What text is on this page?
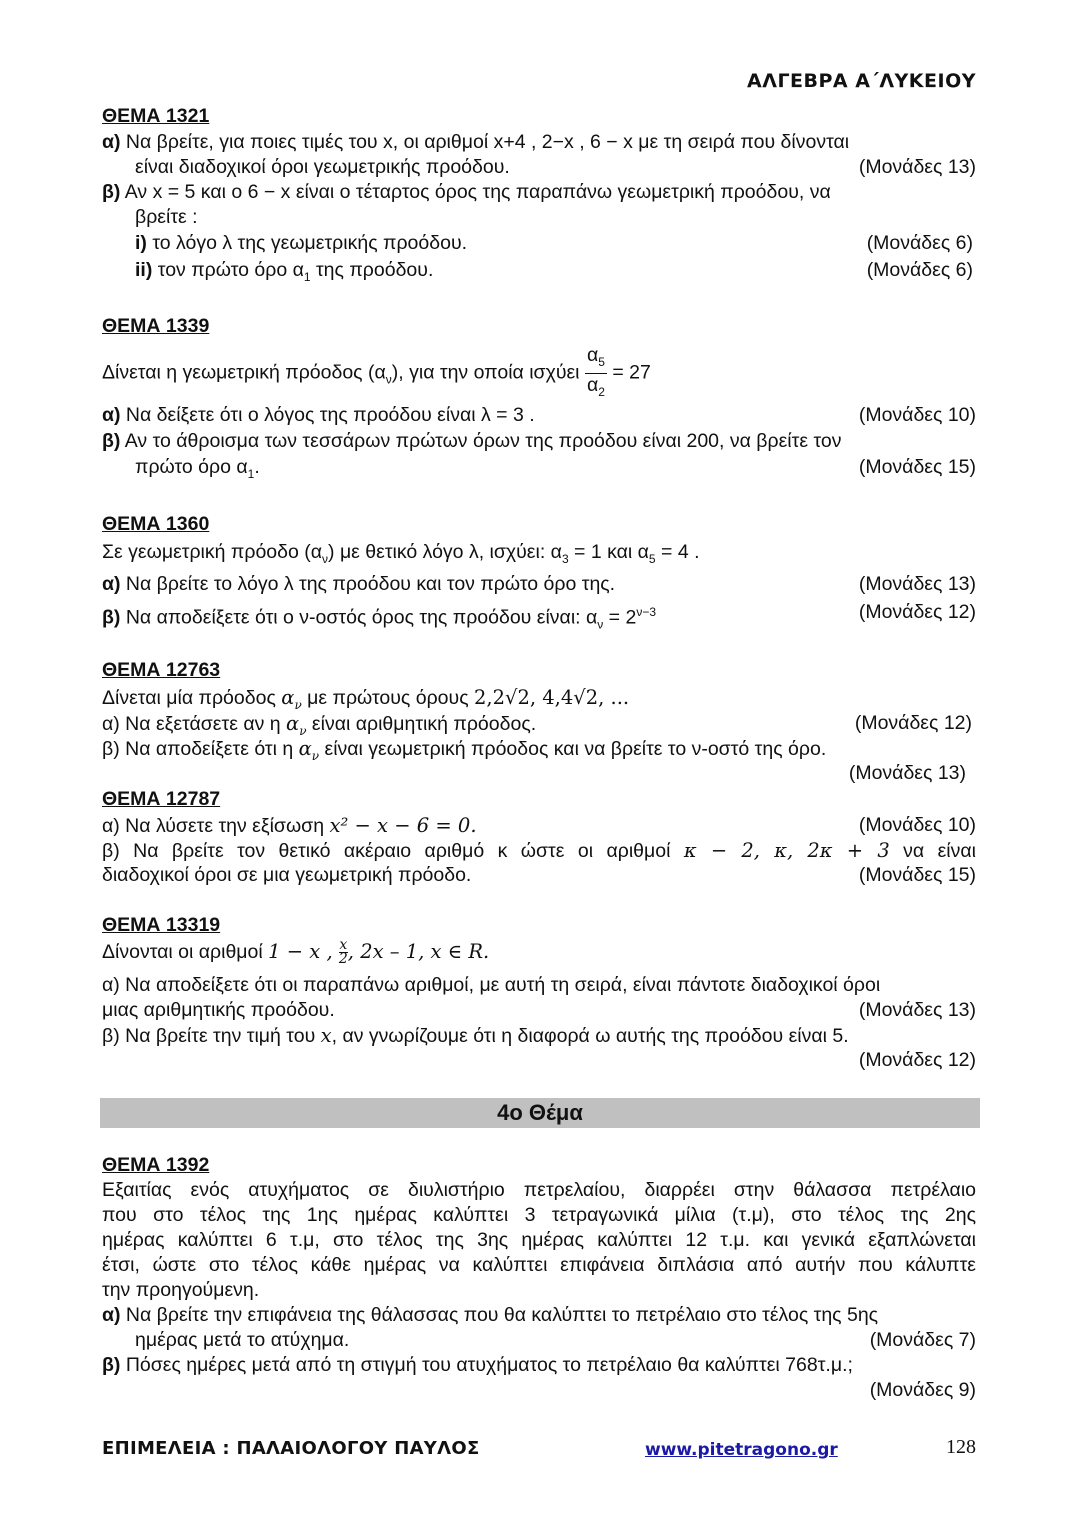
ΑΛΓΕΒΡΑ Α΄ΛΥΚΕΙΟΥ
ΘΕΜΑ 1321
α) Να βρείτε, για ποιες τιμές του x, οι αριθμοί x+4 , 2−x , 6 − x με τη σειρά που δίνονται
είναι διαδοχικοί όροι γεωμετρικής προόδου.	(Μονάδες 13)
β) Αν x = 5 και ο 6 − x είναι ο τέταρτος όρος της παραπάνω γεωμετρική προόδου, να
βρείτε :
i) το λόγο λ της γεωμετρικής προόδου.	(Μονάδες 6)
ii) τον πρώτο όρο $\alpha_1$ της προόδου.	(Μονάδες 6)
ΘΕΜΑ 1339
Δίνεται η γεωμετρική πρόοδος $(\alpha_\nu)$, για την οποία ισχύει $\frac{\alpha_5}{\alpha_2} = 27$
α) Να δείξετε ότι ο λόγος της προόδου είναι λ = 3 .	(Μονάδες 10)
β) Αν το άθροισμα των τεσσάρων πρώτων όρων της προόδου είναι 200, να βρείτε τον
πρώτο όρο $\alpha_1$.	(Μονάδες 15)
ΘΕΜΑ 1360
Σε γεωμετρική πρόοδο $(\alpha_\nu)$ με θετικό λόγο λ, ισχύει: $\alpha_3 = 1$ και $\alpha_5 = 4$ .
α) Να βρείτε το λόγο λ της προόδου και τον πρώτο όρο της.	(Μονάδες 13)
β) Να αποδείξετε ότι ο ν-οστός όρος της προόδου είναι: $\alpha_\nu = 2^{\nu-3}$	(Μονάδες 12)
ΘΕΜΑ 12763
Δίνεται μία πρόοδος $\alpha_\nu$ με πρώτους όρους 2,2√2, 4,4√2, ...
α) Να εξετάσετε αν η $\alpha_\nu$ είναι αριθμητική πρόοδος.	(Μονάδες 12)
β) Να αποδείξετε ότι η $\alpha_\nu$ είναι γεωμετρική πρόοδος και να βρείτε το ν-οστό της όρο.
(Μονάδες 13)
ΘΕΜΑ 12787
α) Να λύσετε την εξίσωση x² − x − 6 = 0.	(Μονάδες 10)
β) Να βρείτε τον θετικό ακέραιο αριθμό κ ώστε οι αριθμοί κ − 2, κ, 2κ + 3 να είναι
διαδοχικοί όροι σε μια γεωμετρική πρόοδο.	(Μονάδες 15)
ΘΕΜΑ 13319
Δίνονται οι αριθμοί 1 − x , $\frac{x}{2}$, 2x – 1, x ∈ R.
α) Να αποδείξετε ότι οι παραπάνω αριθμοί, με αυτή τη σειρά, είναι πάντοτε διαδοχικοί όροι
μιας αριθμητικής προόδου.	(Μονάδες 13)
β) Να βρείτε την τιμή του x, αν γνωρίζουμε ότι η διαφορά ω αυτής της προόδου είναι 5.
(Μονάδες 12)
4ο Θέμα
ΘΕΜΑ 1392
Εξαιτίας ενός ατυχήματος σε διυλιστήριο πετρελαίου, διαρρέει στην θάλασσα πετρέλαιο
που στο τέλος της 1ης ημέρας καλύπτει 3 τετραγωνικά μίλια (τ.μ), στο τέλος της 2ης
ημέρας καλύπτει 6 τ.μ, στο τέλος της 3ης ημέρας καλύπτει 12 τ.μ. και γενικά εξαπλώνεται
έτσι, ώστε στο τέλος κάθε ημέρας να καλύπτει επιφάνεια διπλάσια από αυτήν που κάλυπτε
την προηγούμενη.
α) Να βρείτε την επιφάνεια της θάλασσας που θα καλύπτει το πετρέλαιο στο τέλος της 5ης
ημέρας μετά το ατύχημα.	(Μονάδες 7)
β) Πόσες ημέρες μετά από τη στιγμή του ατυχήματος το πετρέλαιο θα καλύπτει 768τ.μ.;
(Μονάδες 9)
ΕΠΙΜΕΛΕΙΑ : ΠΑΛΑΙΟΛΟΓΟΥ ΠΑΥΛΟΣ	www.pitetragono.gr	128
